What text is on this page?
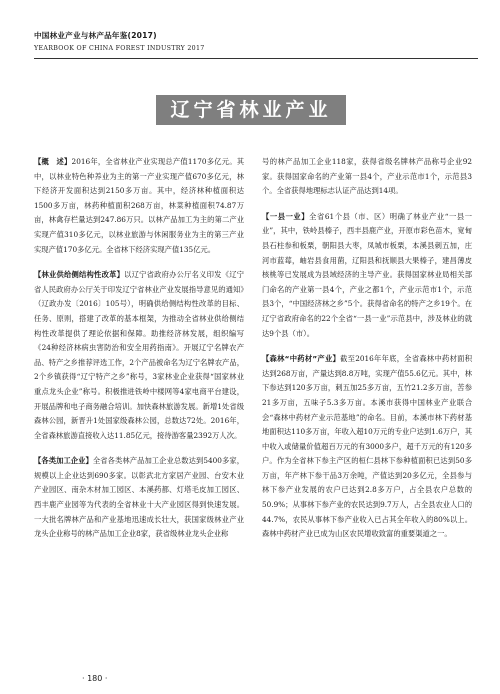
中国林业产业与林产品年鉴(2017)
YEARBOOK OF CHINA FOREST INDUSTRY 2017
辽宁省林业产业

【概　述】2016年，全省林业产业实现总产值1170多亿元。其中，以林业特色种养业为主的第一产业实现产值670多亿元，林下经济开发面积达到2150多万亩。其中，经济林种植面积达1500多万亩，林药种植面积268万亩，林菜种植面积74.87万亩，林禽存栏量达到247.86万只。以林产品加工为主的第二产业实现产值310多亿元，以林业旅游与休闲服务业为主的第三产业实现产值170多亿元。全省林下经济实现产值135亿元。

【林业供给侧结构性改革】以辽宁省政府办公厅名义印发《辽宁省人民政府办公厅关于印发辽宁省林业产业发展指导意见的通知》（辽政办发〔2016〕105号），明确供给侧结构性改革的目标、任务、原则，搭建了改革的基本框架，为推动全省林业供给侧结构性改革提供了理论依据和保障。助推经济林发展，组织编写《24种经济林病虫害防治和安全用药指南》。开展辽宁名牌农产品、特产之乡推荐评选工作，2个产品被命名为辽宁名牌农产品，2个乡镇获得“辽宁特产之乡”称号，3家林业企业获得“国家林业重点龙头企业”称号。积极推进铁岭中楼网等4家电商平台建设，开展品牌和电子商务融合培训。加快森林旅游发展。新增1处省级森林公园，新晋升1处国家级森林公园，总数达72处。2016年，全省森林旅游直接收入达11.85亿元，接待游客量2392万人次。

【各类加工企业】全省各类林产品加工企业总数达到5400多家，规模以上企业达到690多家。以彰武北方家居产业园、台安木业产业园区、南杂木材加工园区、本溪药都、灯塔毛皮加工园区、西丰鹿产业园等为代表的全省林业十大产业园区得到快速发展。一大批名牌林产品和产业基地迅速成长壮大，获国家级林业产业龙头企业称号的林产品加工企业8家，获省级林业龙头企业称

号的林产品加工企业118家，获得省级名牌林产品称号企业92家。获得国家命名的产业第一县4个，产业示范市1个，示范县3个。全省获得地理标志认证产品达到14项。

【一县一业】全省61个县（市、区）明确了林业产业“一县一业”，其中，铁岭县榛子，西丰县鹿产业，开原市彩色苗木，宽甸县石柱参和板栗，朝阳县大枣，凤城市板栗，本溪县刺五加，庄河市蓝莓，岫岩县食用菌，辽阳县和抚顺县大果榛子，建昌薄皮核桃等已发展成为县域经济的主导产业。获得国家林业局相关部门命名的产业第一县4个，产业之都1个，产业示范市1个，示范县3个，“中国经济林之乡”5个。获得省命名的特产之乡19个。在辽宁省政府命名的22个全省“一县一业”示范县中，涉及林业的就达9个县（市）。

【森林“中药材”产业】截至2016年年底，全省森林中药材面积达到268万亩，产量达到8.8万吨，实现产值55.6亿元。其中，林下参达到120多万亩，刺五加25多万亩，五竹21.2多万亩，苦参21多万亩，五味子5.3多万亩。本溪市获得中国林业产业联合会“森林中药材产业示范基地”的命名。目前，本溪市林下药材基地面积达110多万亩，年收入超10万元的专业户达到1.6万户，其中收入或储量价值超百万元的有3000多户，超千万元的有120多户。作为全省林下参主产区的桓仁县林下参种植面积已达到50多万亩，年产林下参干品3万余吨，产值达到20多亿元，全县参与林下参产业发展的农户已达到2.8多万户，占全县农户总数的50.9%；从事林下参产业的农民达到9.7万人，占全县农业人口的44.7%，农民从事林下参产业收入已占其全年收入的80%以上。森林中药材产业已成为山区农民增收致富的重要渠道之一。

· 180 ·
